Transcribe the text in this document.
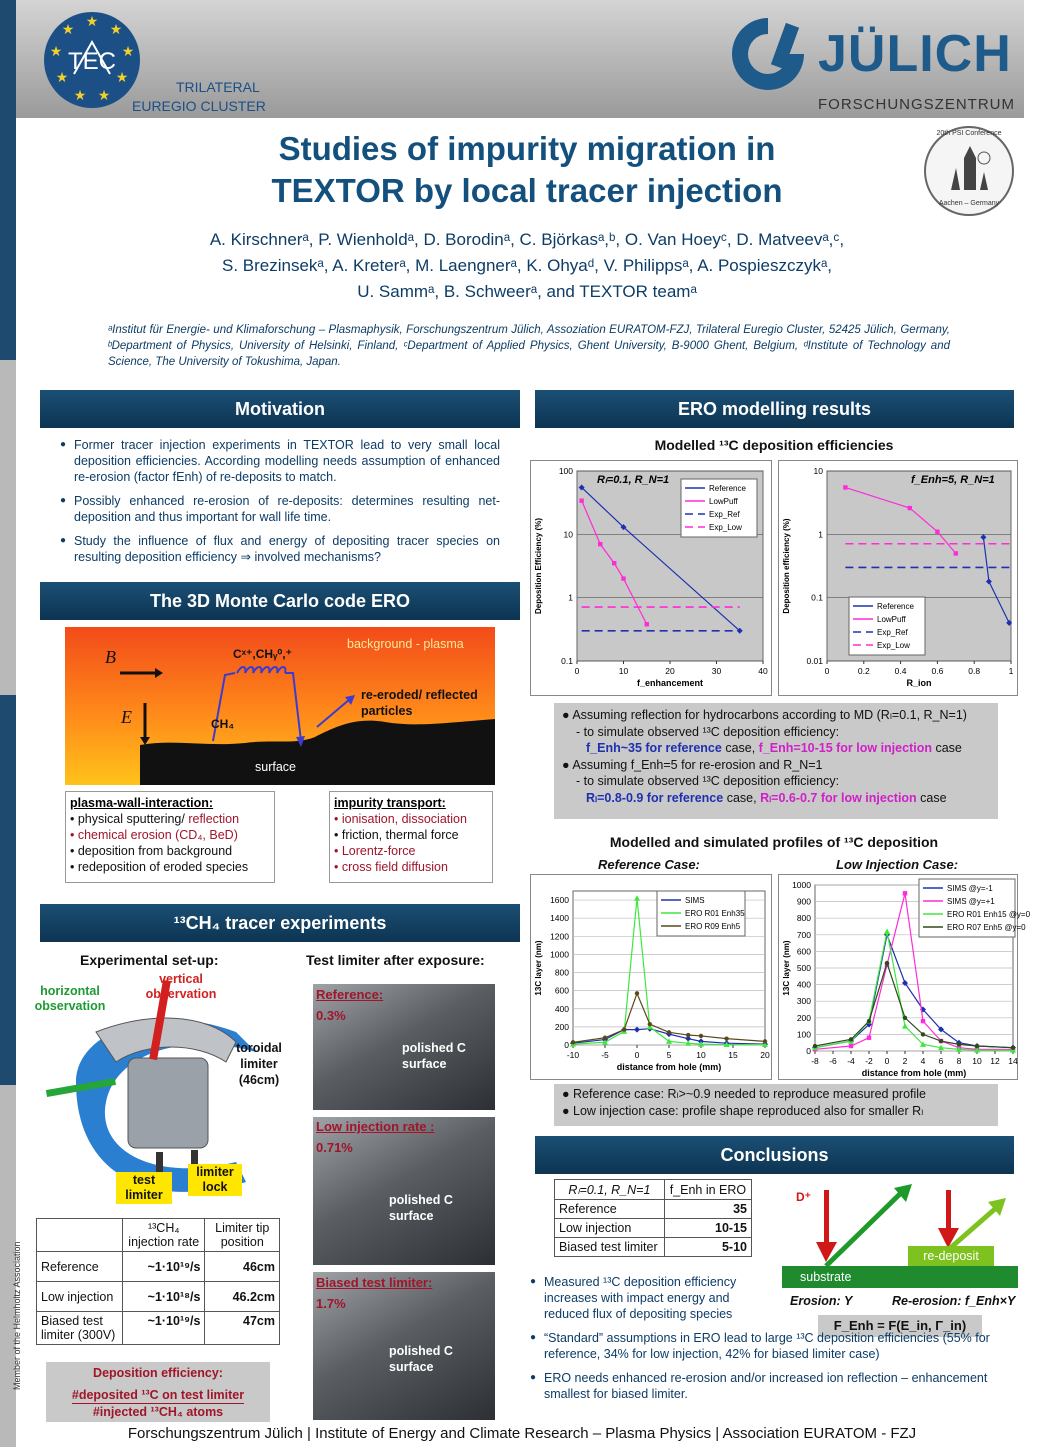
★ ★
★
★
★
★
★
★
★
TEC
TRILATERAL
EUREGIO CLUSTER
JÜLICH
FORSCHUNGSZENTRUM
Studies of impurity migration in
TEXTOR by local tracer injection
20th PSI Conference
Aachen – Germany
A. Kirschnerᵃ, P. Wienholdᵃ, D. Borodinᵃ, C. Björkasᵃ,ᵇ, O. Van Hoeyᶜ, D. Matveevᵃ,ᶜ,
S. Brezinsekᵃ, A. Kreterᵃ, M. Laengnerᵃ, K. Ohyaᵈ, V. Philippsᵃ, A. Pospieszczykᵃ,
U. Sammᵃ, B. Schweerᵃ, and TEXTOR teamᵃ
ᵃInstitut für Energie- und Klimaforschung – Plasmaphysik, Forschungszentrum Jülich, Assoziation EURATOM-FZJ, Trilateral Euregio Cluster, 52425 Jülich, Germany, ᵇDepartment of Physics, University of Helsinki, Finland, ᶜDepartment of Applied Physics, Ghent University, B-9000 Ghent, Belgium, ᵈInstitute of Technology and Science, The University of Tokushima, Japan.
Motivation
● Former tracer injection experiments in TEXTOR lead to very small local deposition efficiencies. According modelling needs assumption of enhanced re-erosion (factor fEnh) of re-deposits to match.
● Possibly enhanced re-erosion of re-deposits: determines resulting net-deposition and thus important for wall life time.
● Study the influence of flux and energy of depositing tracer species on resulting deposition efficiency ⇒ involved mechanisms?
The 3D Monte Carlo code ERO
B
E
Cˣ⁺,CHᵧ⁰,⁺
CH₄
background - plasma
re-eroded/ reflected particles
surface
plasma-wall-interaction:
• physical sputtering/ reflection
• chemical erosion (CD₄, BeD)
• deposition from background
• redeposition of eroded species
impurity transport:
• ionisation, dissociation
• friction, thermal force
• Lorentz-force
• cross field diffusion
¹³CH₄ tracer experiments
Experimental set-up:	Test limiter after exposure:
vertical observation
horizontal observation
toroidal limiter (46cm)
test limiter
limiter lock
	¹³CH₄ injection rate	Limiter tip position
Reference	~1·10¹⁹/s	46cm
Low injection	~1·10¹⁸/s	46.2cm
Biased test limiter (300V)	~1·10¹⁹/s	47cm
Deposition efficiency:
#deposited ¹³C on test limiter
#injected ¹³CH₄ atoms
Reference:
0.3%
polished C surface
Low injection rate :
0.71%
polished C surface
Biased test limiter:
1.7%
polished C surface
Member of the Helmholtz Association
ERO modelling results
Modelled ¹³C deposition efficiencies
0.1
1
10
100
0	10	20	30	40
f_enhancement
Deposition Efficiency (%)
Rₗ=0.1, R_N=1
Reference
LowPuff
Exp_Ref
Exp_Low
0.01
0.1
1
10
0	0.2	0.4	0.6	0.8	1
R_ion
Deposition efficiency (%)
f_Enh=5, R_N=1
Reference
LowPuff
Exp_Ref
Exp_Low
● Assuming reflection for hydrocarbons according to MD (Rₗ=0.1, R_N=1)
- to simulate observed ¹³C deposition efficiency:
f_Enh~35 for reference case, f_Enh=10-15 for low injection case
● Assuming f_Enh=5 for re-erosion and R_N=1
- to simulate observed ¹³C deposition efficiency:
Rₗ=0.8-0.9 for reference case, Rₗ=0.6-0.7 for low injection case
Modelled and simulated profiles of ¹³C deposition
Reference Case:	Low Injection Case:
0
200
400
600
800
1000
1200
1400
1600
-10	-5	0	5	10	15	20
distance from hole (mm)
13C layer (nm)
SIMS
ERO R01 Enh35
ERO R09 Enh5
0
100
200
300
400
500
600
700
800
900
1000
-8 -6 -4 -2 0 2 4 6 8 10 12 14
distance from hole (mm)
13C layer (nm)
SIMS @y=-1
SIMS @y=+1
ERO R01 Enh15 @y=0
ERO R07 Enh5 @y=0
● Reference case: Rₗ>~0.9 needed to reproduce measured profile
● Low injection case: profile shape reproduced also for smaller Rₗ
Conclusions
Rₗ=0.1, R_N=1	f_Enh in ERO
Reference	35
Low injection	10-15
Biased test limiter	5-10
D⁺
re-deposit
substrate
Erosion: Y	Re-erosion: f_Enh×Y
F_Enh = F(E_in, Γ_in)
● Measured ¹³C deposition efficiency increases with impact energy and reduced flux of depositing species
● “Standard” assumptions in ERO lead to large ¹³C deposition efficiencies (55% for reference, 34% for low injection, 42% for biased limiter case)
● ERO needs enhanced re-erosion and/or increased ion reflection – enhancement smallest for biased limiter.
Forschungszentrum Jülich | Institute of Energy and Climate Research – Plasma Physics | Association EURATOM - FZJ
